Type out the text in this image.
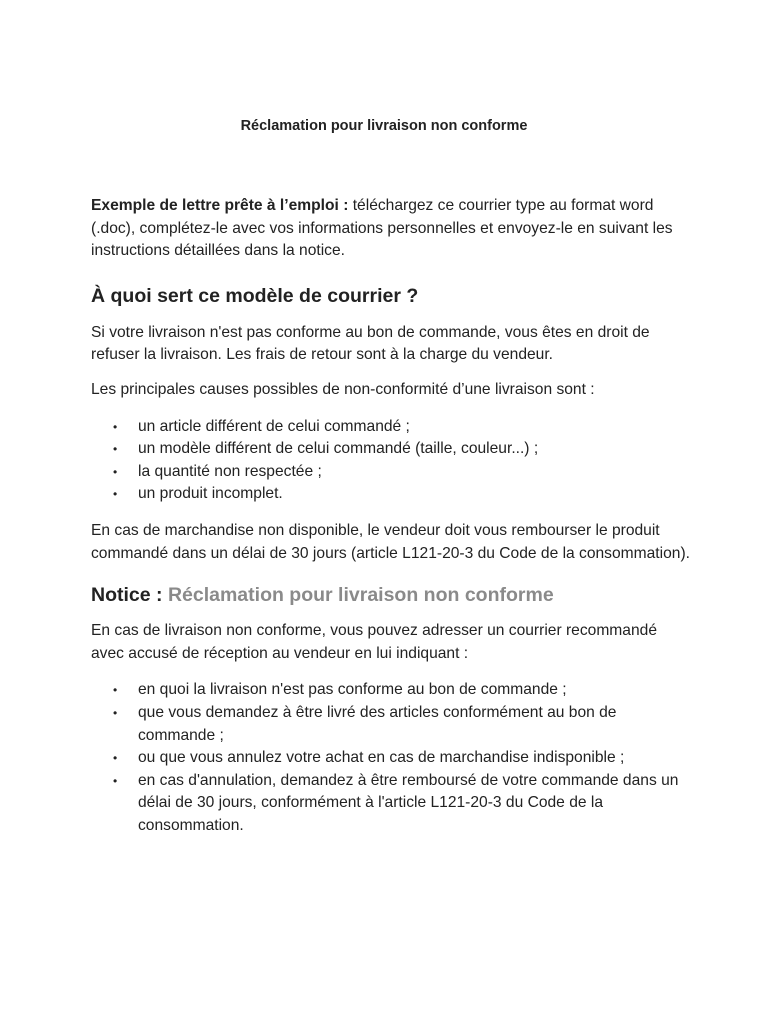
Réclamation pour livraison non conforme

Exemple de lettre prête à l’emploi : téléchargez ce courrier type au format word (.doc), complétez-le avec vos informations personnelles et envoyez-le en suivant les instructions détaillées dans la notice.

À quoi sert ce modèle de courrier ?

Si votre livraison n'est pas conforme au bon de commande, vous êtes en droit de refuser la livraison. Les frais de retour sont à la charge du vendeur.

Les principales causes possibles de non-conformité d’une livraison sont :

• un article différent de celui commandé ;
• un modèle différent de celui commandé (taille, couleur...) ;
• la quantité non respectée ;
• un produit incomplet.

En cas de marchandise non disponible, le vendeur doit vous rembourser le produit commandé dans un délai de 30 jours (article L121-20-3 du Code de la consommation).

Notice : Réclamation pour livraison non conforme

En cas de livraison non conforme, vous pouvez adresser un courrier recommandé avec accusé de réception au vendeur en lui indiquant :

• en quoi la livraison n'est pas conforme au bon de commande ;
• que vous demandez à être livré des articles conformément au bon de commande ;
• ou que vous annulez votre achat en cas de marchandise indisponible ;
• en cas d'annulation, demandez à être remboursé de votre commande dans un délai de 30 jours, conformément à l'article L121-20-3 du Code de la consommation.
